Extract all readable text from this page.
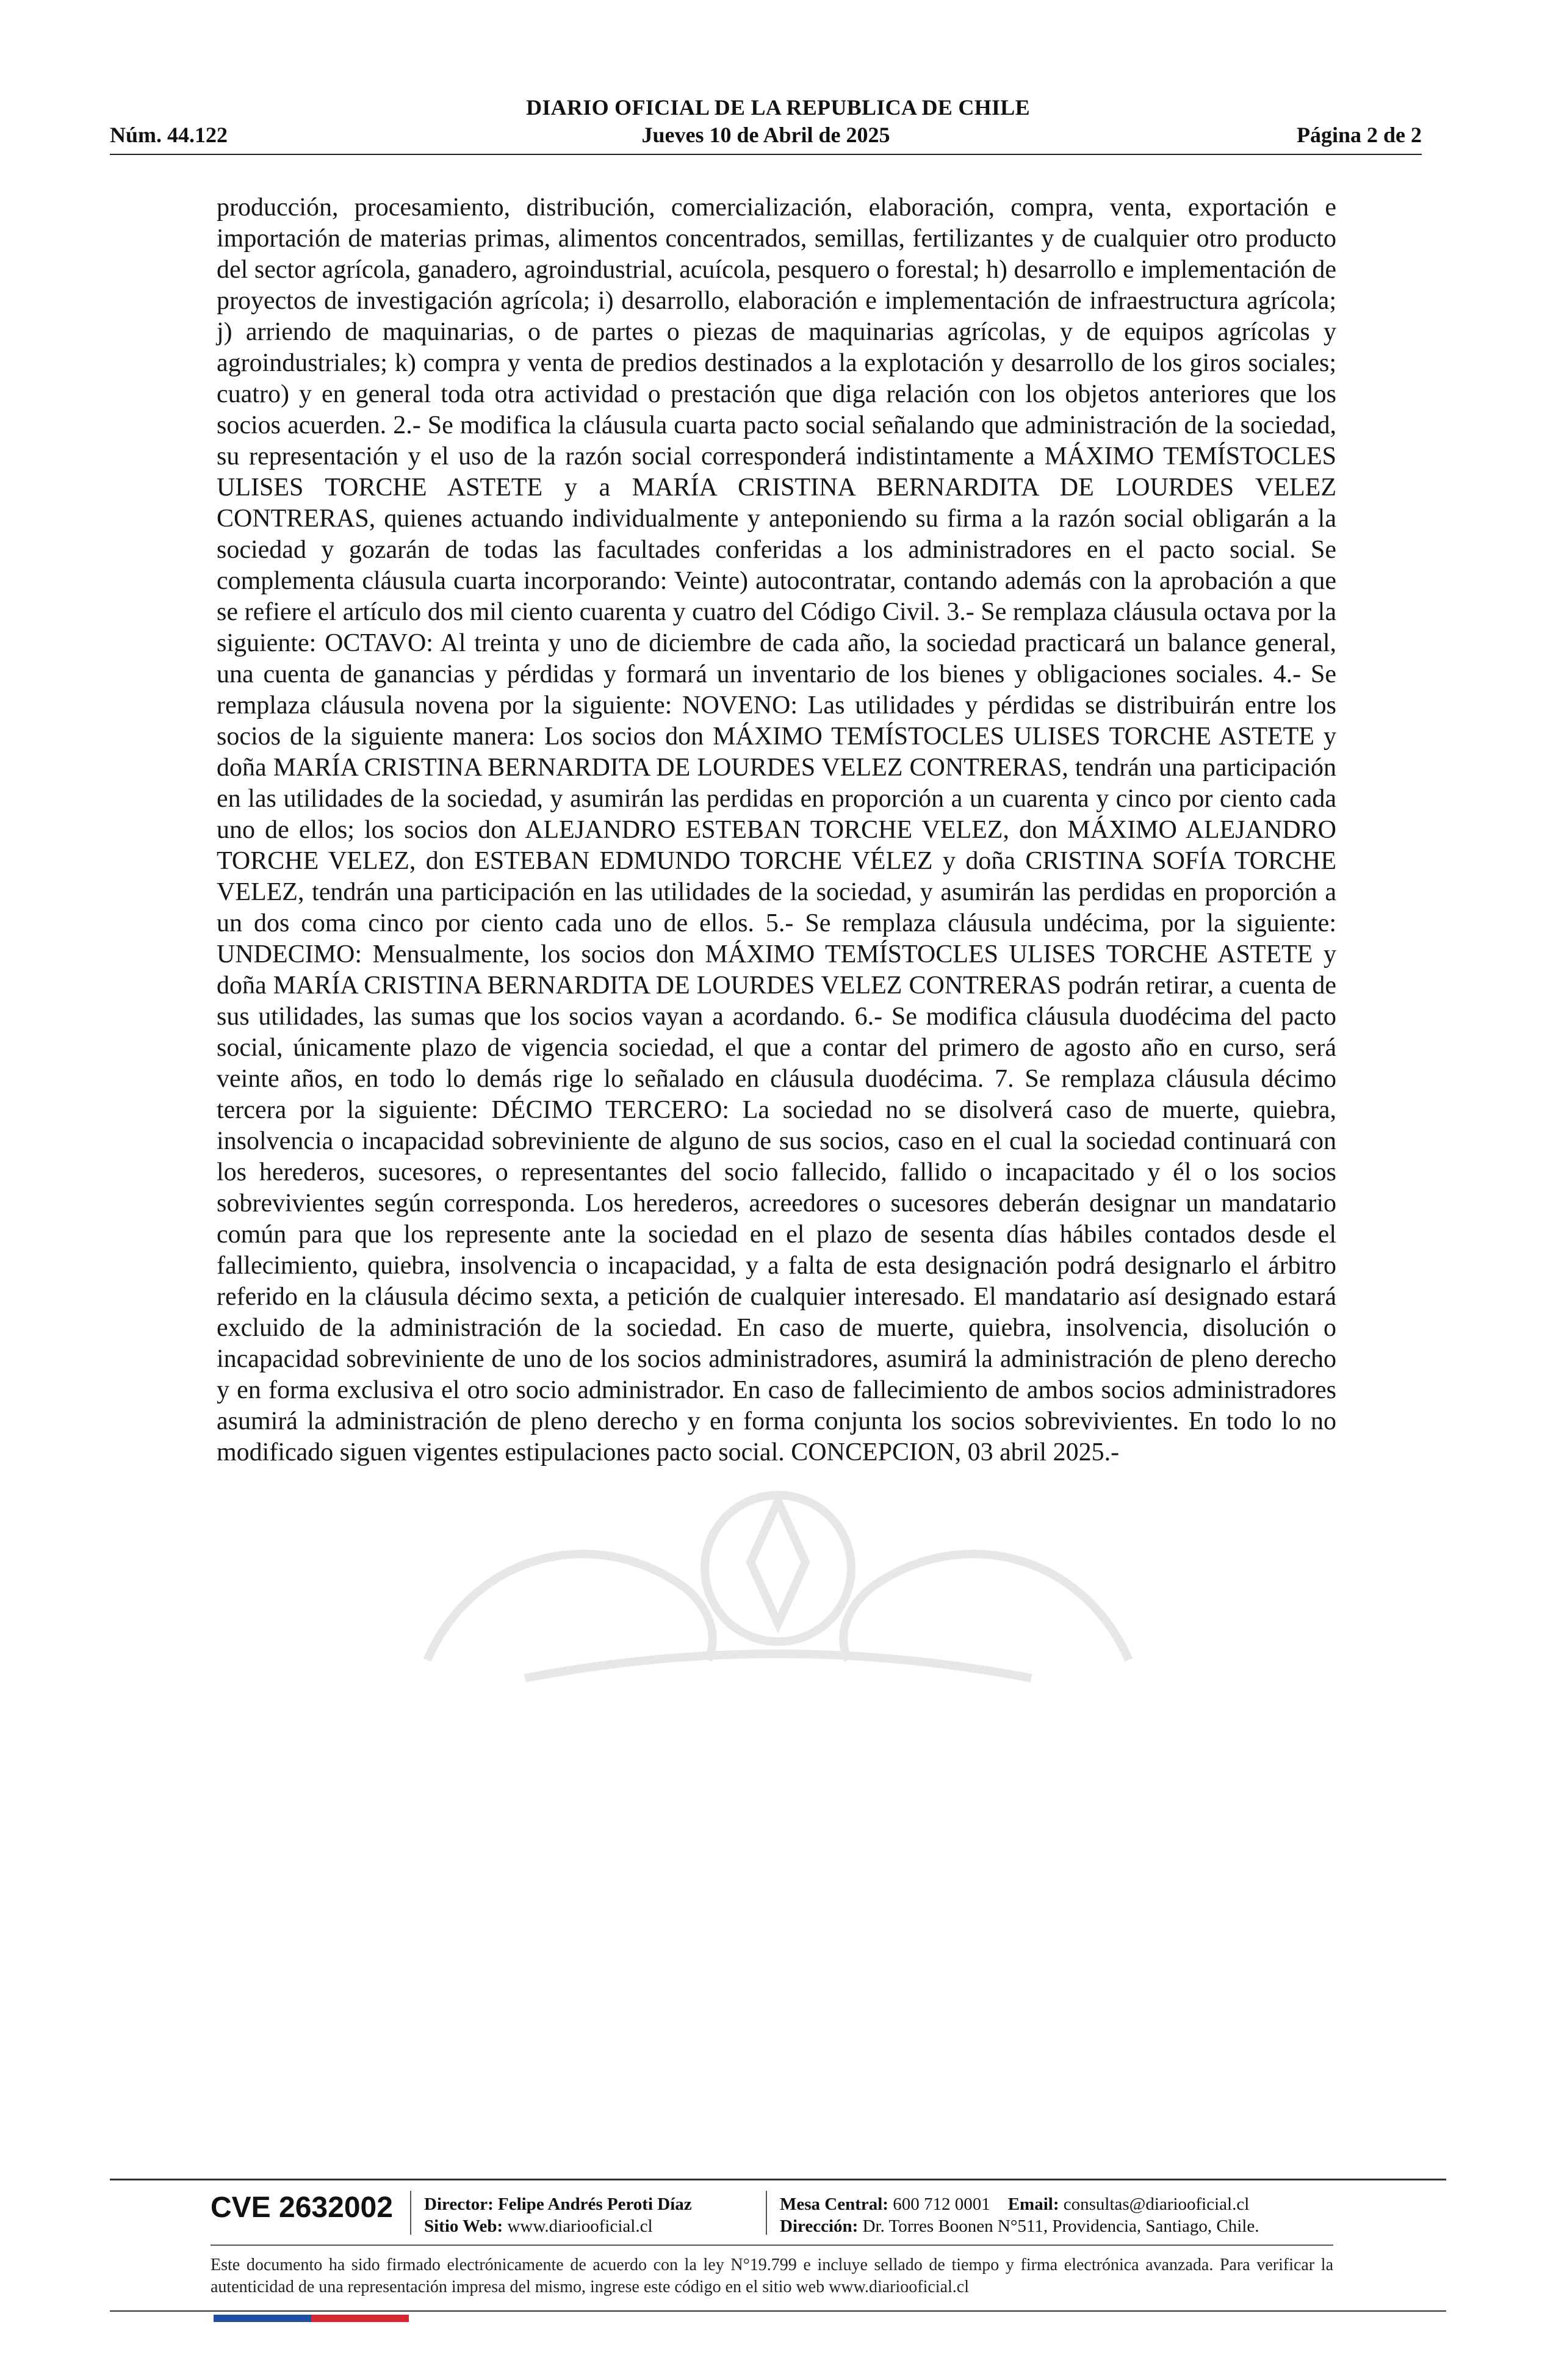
DIARIO OFICIAL DE LA REPUBLICA DE CHILE
Núm. 44.122	Jueves 10 de Abril de 2025	Página 2 de 2
producción, procesamiento, distribución, comercialización, elaboración, compra, venta, exportación e importación de materias primas, alimentos concentrados, semillas, fertilizantes y de cualquier otro producto del sector agrícola, ganadero, agroindustrial, acuícola, pesquero o forestal; h) desarrollo e implementación de proyectos de investigación agrícola; i) desarrollo, elaboración e implementación de infraestructura agrícola; j) arriendo de maquinarias, o de partes o piezas de maquinarias agrícolas, y de equipos agrícolas y agroindustriales; k) compra y venta de predios destinados a la explotación y desarrollo de los giros sociales; cuatro) y en general toda otra actividad o prestación que diga relación con los objetos anteriores que los socios acuerden. 2.- Se modifica la cláusula cuarta pacto social señalando que administración de la sociedad, su representación y el uso de la razón social corresponderá indistintamente a MÁXIMO TEMÍSTOCLES ULISES TORCHE ASTETE y a MARÍA CRISTINA BERNARDITA DE LOURDES VELEZ CONTRERAS, quienes actuando individualmente y anteponiendo su firma a la razón social obligarán a la sociedad y gozarán de todas las facultades conferidas a los administradores en el pacto social. Se complementa cláusula cuarta incorporando: Veinte) autocontratar, contando además con la aprobación a que se refiere el artículo dos mil ciento cuarenta y cuatro del Código Civil. 3.- Se remplaza cláusula octava por la siguiente: OCTAVO: Al treinta y uno de diciembre de cada año, la sociedad practicará un balance general, una cuenta de ganancias y pérdidas y formará un inventario de los bienes y obligaciones sociales. 4.- Se remplaza cláusula novena por la siguiente: NOVENO: Las utilidades y pérdidas se distribuirán entre los socios de la siguiente manera: Los socios don MÁXIMO TEMÍSTOCLES ULISES TORCHE ASTETE y doña MARÍA CRISTINA BERNARDITA DE LOURDES VELEZ CONTRERAS, tendrán una participación en las utilidades de la sociedad, y asumirán las perdidas en proporción a un cuarenta y cinco por ciento cada uno de ellos; los socios don ALEJANDRO ESTEBAN TORCHE VELEZ, don MÁXIMO ALEJANDRO TORCHE VELEZ, don ESTEBAN EDMUNDO TORCHE VÉLEZ y doña CRISTINA SOFÍA TORCHE VELEZ, tendrán una participación en las utilidades de la sociedad, y asumirán las perdidas en proporción a un dos coma cinco por ciento cada uno de ellos. 5.- Se remplaza cláusula undécima, por la siguiente: UNDECIMO: Mensualmente, los socios don MÁXIMO TEMÍSTOCLES ULISES TORCHE ASTETE y doña MARÍA CRISTINA BERNARDITA DE LOURDES VELEZ CONTRERAS podrán retirar, a cuenta de sus utilidades, las sumas que los socios vayan a acordando. 6.- Se modifica cláusula duodécima del pacto social, únicamente plazo de vigencia sociedad, el que a contar del primero de agosto año en curso, será veinte años, en todo lo demás rige lo señalado en cláusula duodécima. 7. Se remplaza cláusula décimo tercera por la siguiente: DÉCIMO TERCERO: La sociedad no se disolverá caso de muerte, quiebra, insolvencia o incapacidad sobreviniente de alguno de sus socios, caso en el cual la sociedad continuará con los herederos, sucesores, o representantes del socio fallecido, fallido o incapacitado y él o los socios sobrevivientes según corresponda. Los herederos, acreedores o sucesores deberán designar un mandatario común para que los represente ante la sociedad en el plazo de sesenta días hábiles contados desde el fallecimiento, quiebra, insolvencia o incapacidad, y a falta de esta designación podrá designarlo el árbitro referido en la cláusula décimo sexta, a petición de cualquier interesado. El mandatario así designado estará excluido de la administración de la sociedad. En caso de muerte, quiebra, insolvencia, disolución o incapacidad sobreviniente de uno de los socios administradores, asumirá la administración de pleno derecho y en forma exclusiva el otro socio administrador. En caso de fallecimiento de ambos socios administradores asumirá la administración de pleno derecho y en forma conjunta los socios sobrevivientes. En todo lo no modificado siguen vigentes estipulaciones pacto social. CONCEPCION, 03 abril 2025.-
CVE 2632002	Director: Felipe Andrés Peroti Díaz
Sitio Web: www.diariooficial.cl
Mesa Central: 600 712 0001 Email: consultas@diariooficial.cl
Dirección: Dr. Torres Boonen N°511, Providencia, Santiago, Chile.
Este documento ha sido firmado electrónicamente de acuerdo con la ley N°19.799 e incluye sellado de tiempo y firma electrónica avanzada. Para verificar la autenticidad de una representación impresa del mismo, ingrese este código en el sitio web www.diariooficial.cl
